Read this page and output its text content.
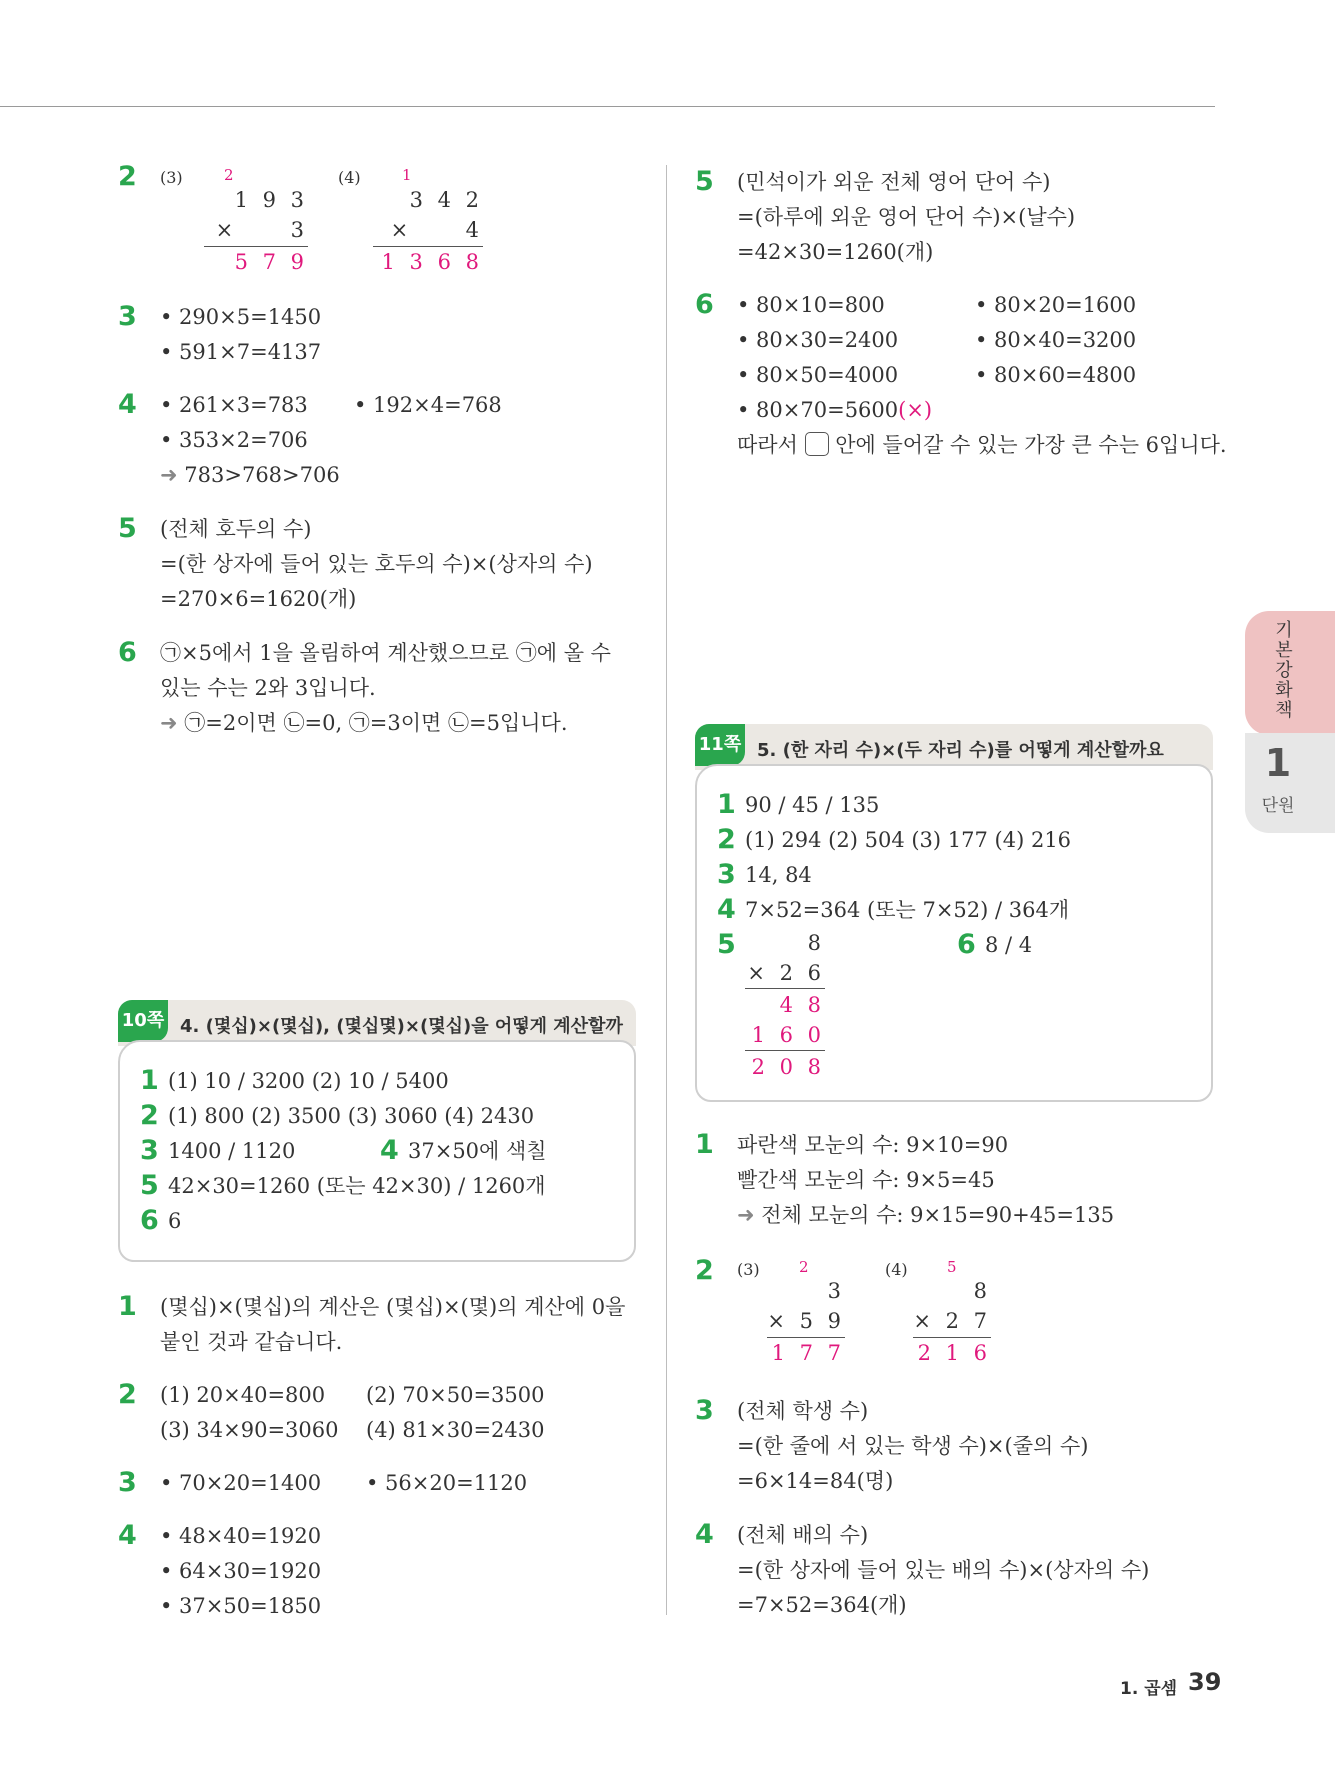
2 (3)	2
1 9 3
×     3
5 7 9
(4)	1
3 4 2
×     4
1 3 6 8
3 • 290×5=1450
• 591×7=4137
4 • 261×3=783 • 192×4=768
• 353×2=706
➜ 783>768>706
5 (전체 호두의 수)
=(한 상자에 들어 있는 호두의 수)×(상자의 수)
=270×6=1620(개)
6 ㉠×5에서 1을 올림하여 계산했으므로 ㉠에 올 수
있는 수는 2와 3입니다.
➜ ㉠=2이면 ㉡=0, ㉠=3이면 ㉡=5입니다.
10쪽 4. (몇십)×(몇십), (몇십몇)×(몇십)을 어떻게 계산할까
1 (1) 10 / 3200 (2) 10 / 5400
2 (1) 800 (2) 3500 (3) 3060 (4) 2430
3 1400 / 1120	4 37×50에 색칠
5 42×30=1260 (또는 42×30) / 1260개
6 6
1 (몇십)×(몇십)의 계산은 (몇십)×(몇)의 계산에 0을
붙인 것과 같습니다.
2 (1) 20×40=800 (2) 70×50=3500
(3) 34×90=3060 (4) 81×30=2430
3 • 70×20=1400 • 56×20=1120
4 • 48×40=1920
• 64×30=1920
• 37×50=1850
5 (민석이가 외운 전체 영어 단어 수)
=(하루에 외운 영어 단어 수)×(날수)
=42×30=1260(개)
6 • 80×10=800	• 80×20=1600
• 80×30=2400	• 80×40=3200
• 80×50=4000	• 80×60=4800
• 80×70=5600(×)
따라서  안에 들어갈 수 있는 가장 큰 수는 6입니다.
11쪽 5. (한 자리 수)×(두 자리 수)를 어떻게 계산할까요
1 90 / 45 / 135
2 (1) 294 (2) 504 (3) 177 (4) 216
3 14, 84
4 7×52=364 (또는 7×52) / 364개
5	8
× 2 6
4 8
1 6 0
2 0 8
6 8 / 4
1 파란색 모눈의 수: 9×10=90
빨간색 모눈의 수: 9×5=45
➜ 전체 모눈의 수: 9×15=90+45=135
2 (3)	2
3
× 5 9
1 7 7
(4)	5
8
× 2 7
2 1 6
3 (전체 학생 수)
=(한 줄에 서 있는 학생 수)×(줄의 수)
=6×14=84(명)
4 (전체 배의 수)
=(한 상자에 들어 있는 배의 수)×(상자의 수)
=7×52=364(개)
기본강화책
1
단원
1. 곱셈 39
